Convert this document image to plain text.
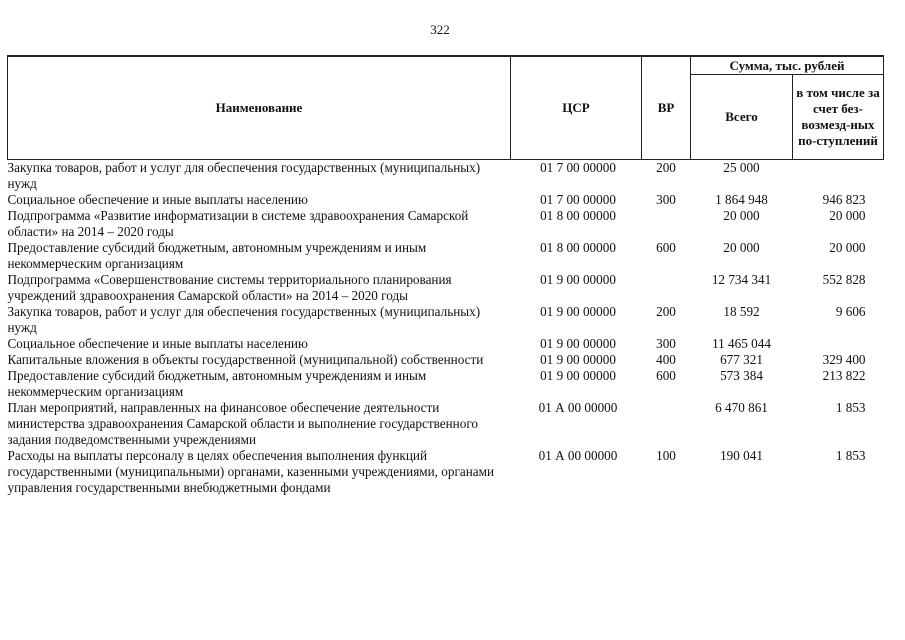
322
Наименование	ЦСР	ВР	Сумма, тыс. рублей	
			Всего	в том числе за счет без-возмезд-ных по-ступлений
Закупка товаров, работ и услуг для обеспечения государственных (муниципальных) нужд	01 7 00 00000	200	25 000	
Социальное обеспечение и иные выплаты населению	01 7 00 00000	300	1 864 948	946 823
Подпрограмма «Развитие информатизации в системе здравоохранения Самарской области» на 2014 – 2020 годы	01 8 00 00000		20 000	20 000
Предоставление субсидий бюджетным, автономным учреждениям и иным некоммерческим организациям	01 8 00 00000	600	20 000	20 000
Подпрограмма «Совершенствование системы территориального планирования учреждений здравоохранения Самарской области» на 2014 – 2020 годы	01 9 00 00000		12 734 341	552 828
Закупка товаров, работ и услуг для обеспечения государственных (муниципальных) нужд	01 9 00 00000	200	18 592	9 606
Социальное обеспечение и иные выплаты населению	01 9 00 00000	300	11 465 044	
Капитальные вложения в объекты государственной (муниципальной) собственности	01 9 00 00000	400	677 321	329 400
Предоставление субсидий бюджетным, автономным учреждениям и иным некоммерческим организациям	01 9 00 00000	600	573 384	213 822
План мероприятий, направленных на финансовое обеспечение деятельности министерства здравоохранения Самарской области и выполнение государственного задания подведомственными учреждениями	01 А 00 00000		6 470 861	1 853
Расходы на выплаты персоналу в целях обеспечения выполнения функций государственными (муниципальными) органами, казенными учреждениями, органами управления государственными внебюджетными фондами	01 А 00 00000	100	190 041	1 853
